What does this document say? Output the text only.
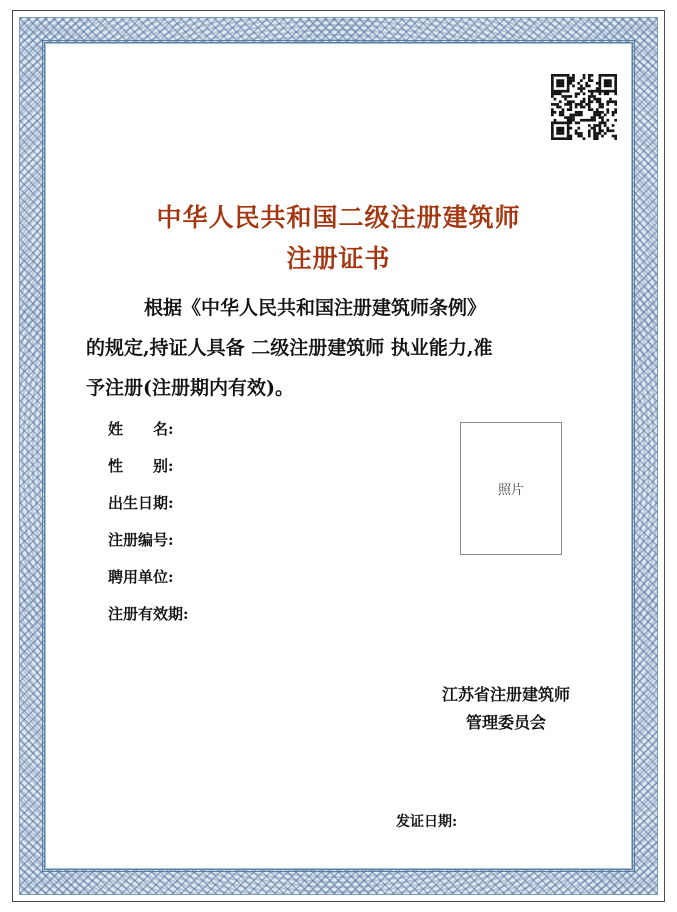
中华人民共和国二级注册建筑师
注册证书
根据《中华人民共和国注册建筑师条例》
的规定,持证人具备 二级注册建筑师 执业能力,准
予注册(注册期内有效)。
姓　　名:
性　　别:
出生日期:
注册编号:
聘用单位:
注册有效期:
照片
江苏省注册建筑师
管理委员会
发证日期:
